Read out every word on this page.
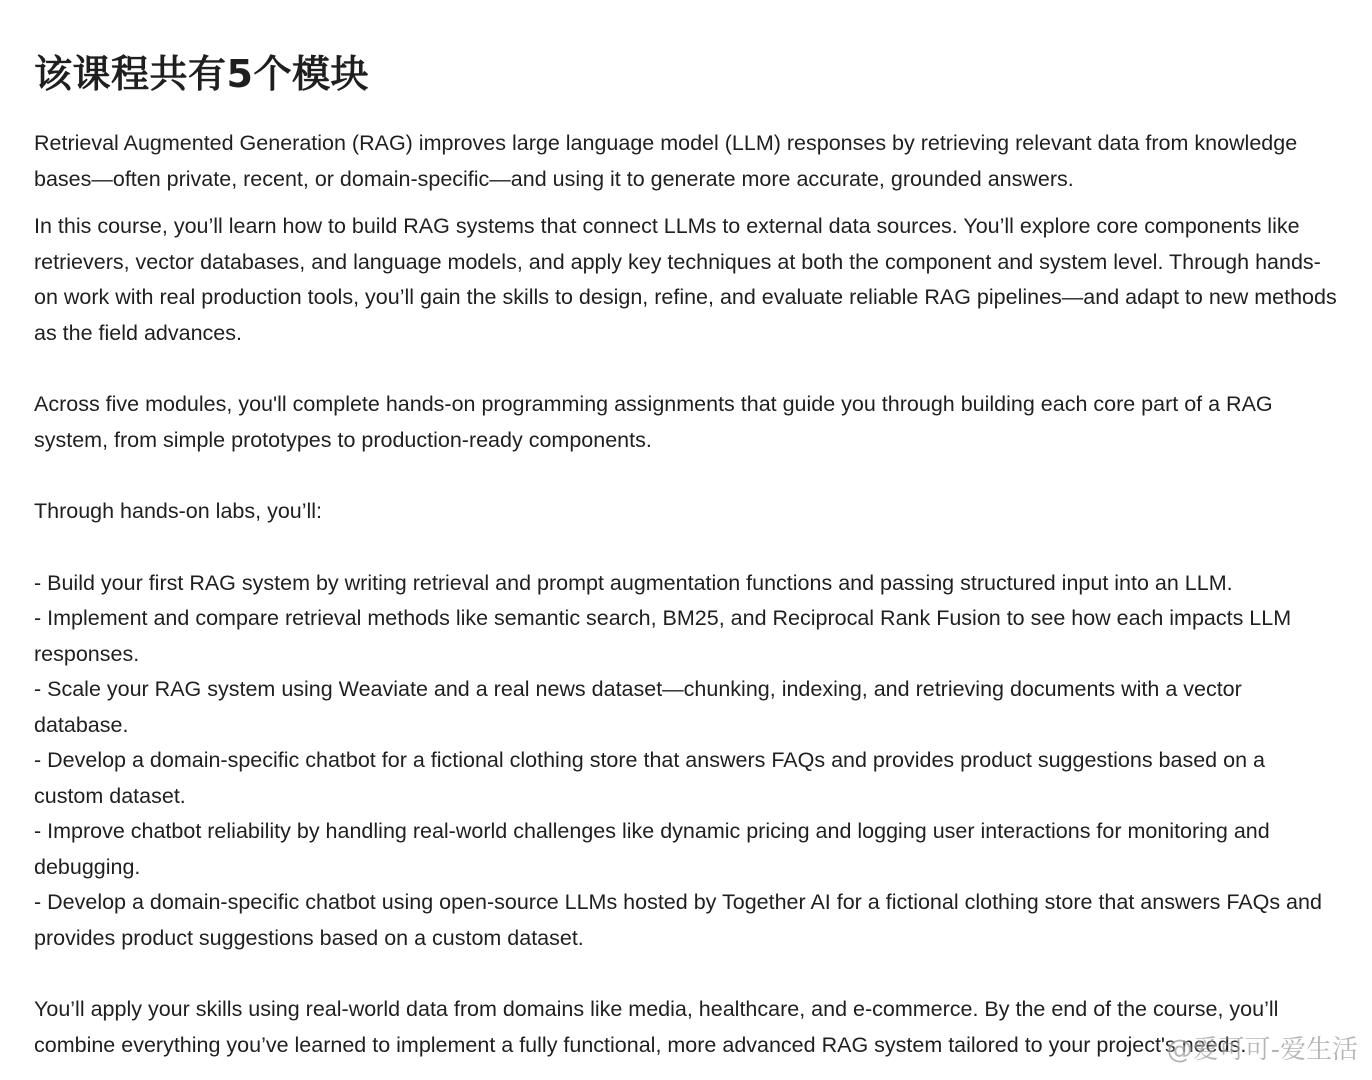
该课程共有5个模块

Retrieval Augmented Generation (RAG) improves large language model (LLM) responses by retrieving relevant data from knowledge bases—often private, recent, or domain-specific—and using it to generate more accurate, grounded answers.

In this course, you’ll learn how to build RAG systems that connect LLMs to external data sources. You’ll explore core components like retrievers, vector databases, and language models, and apply key techniques at both the component and system level. Through hands-on work with real production tools, you’ll gain the skills to design, refine, and evaluate reliable RAG pipelines—and adapt to new methods as the field advances.

Across five modules, you'll complete hands-on programming assignments that guide you through building each core part of a RAG system, from simple prototypes to production-ready components.

Through hands-on labs, you’ll:

- Build your first RAG system by writing retrieval and prompt augmentation functions and passing structured input into an LLM.
- Implement and compare retrieval methods like semantic search, BM25, and Reciprocal Rank Fusion to see how each impacts LLM responses.
- Scale your RAG system using Weaviate and a real news dataset—chunking, indexing, and retrieving documents with a vector database.
- Develop a domain-specific chatbot for a fictional clothing store that answers FAQs and provides product suggestions based on a custom dataset.
- Improve chatbot reliability by handling real-world challenges like dynamic pricing and logging user interactions for monitoring and debugging.
- Develop a domain-specific chatbot using open-source LLMs hosted by Together AI for a fictional clothing store that answers FAQs and provides product suggestions based on a custom dataset.

You’ll apply your skills using real-world data from domains like media, healthcare, and e-commerce. By the end of the course, you’ll combine everything you’ve learned to implement a fully functional, more advanced RAG system tailored to your project's needs.

@爱可可-爱生活
